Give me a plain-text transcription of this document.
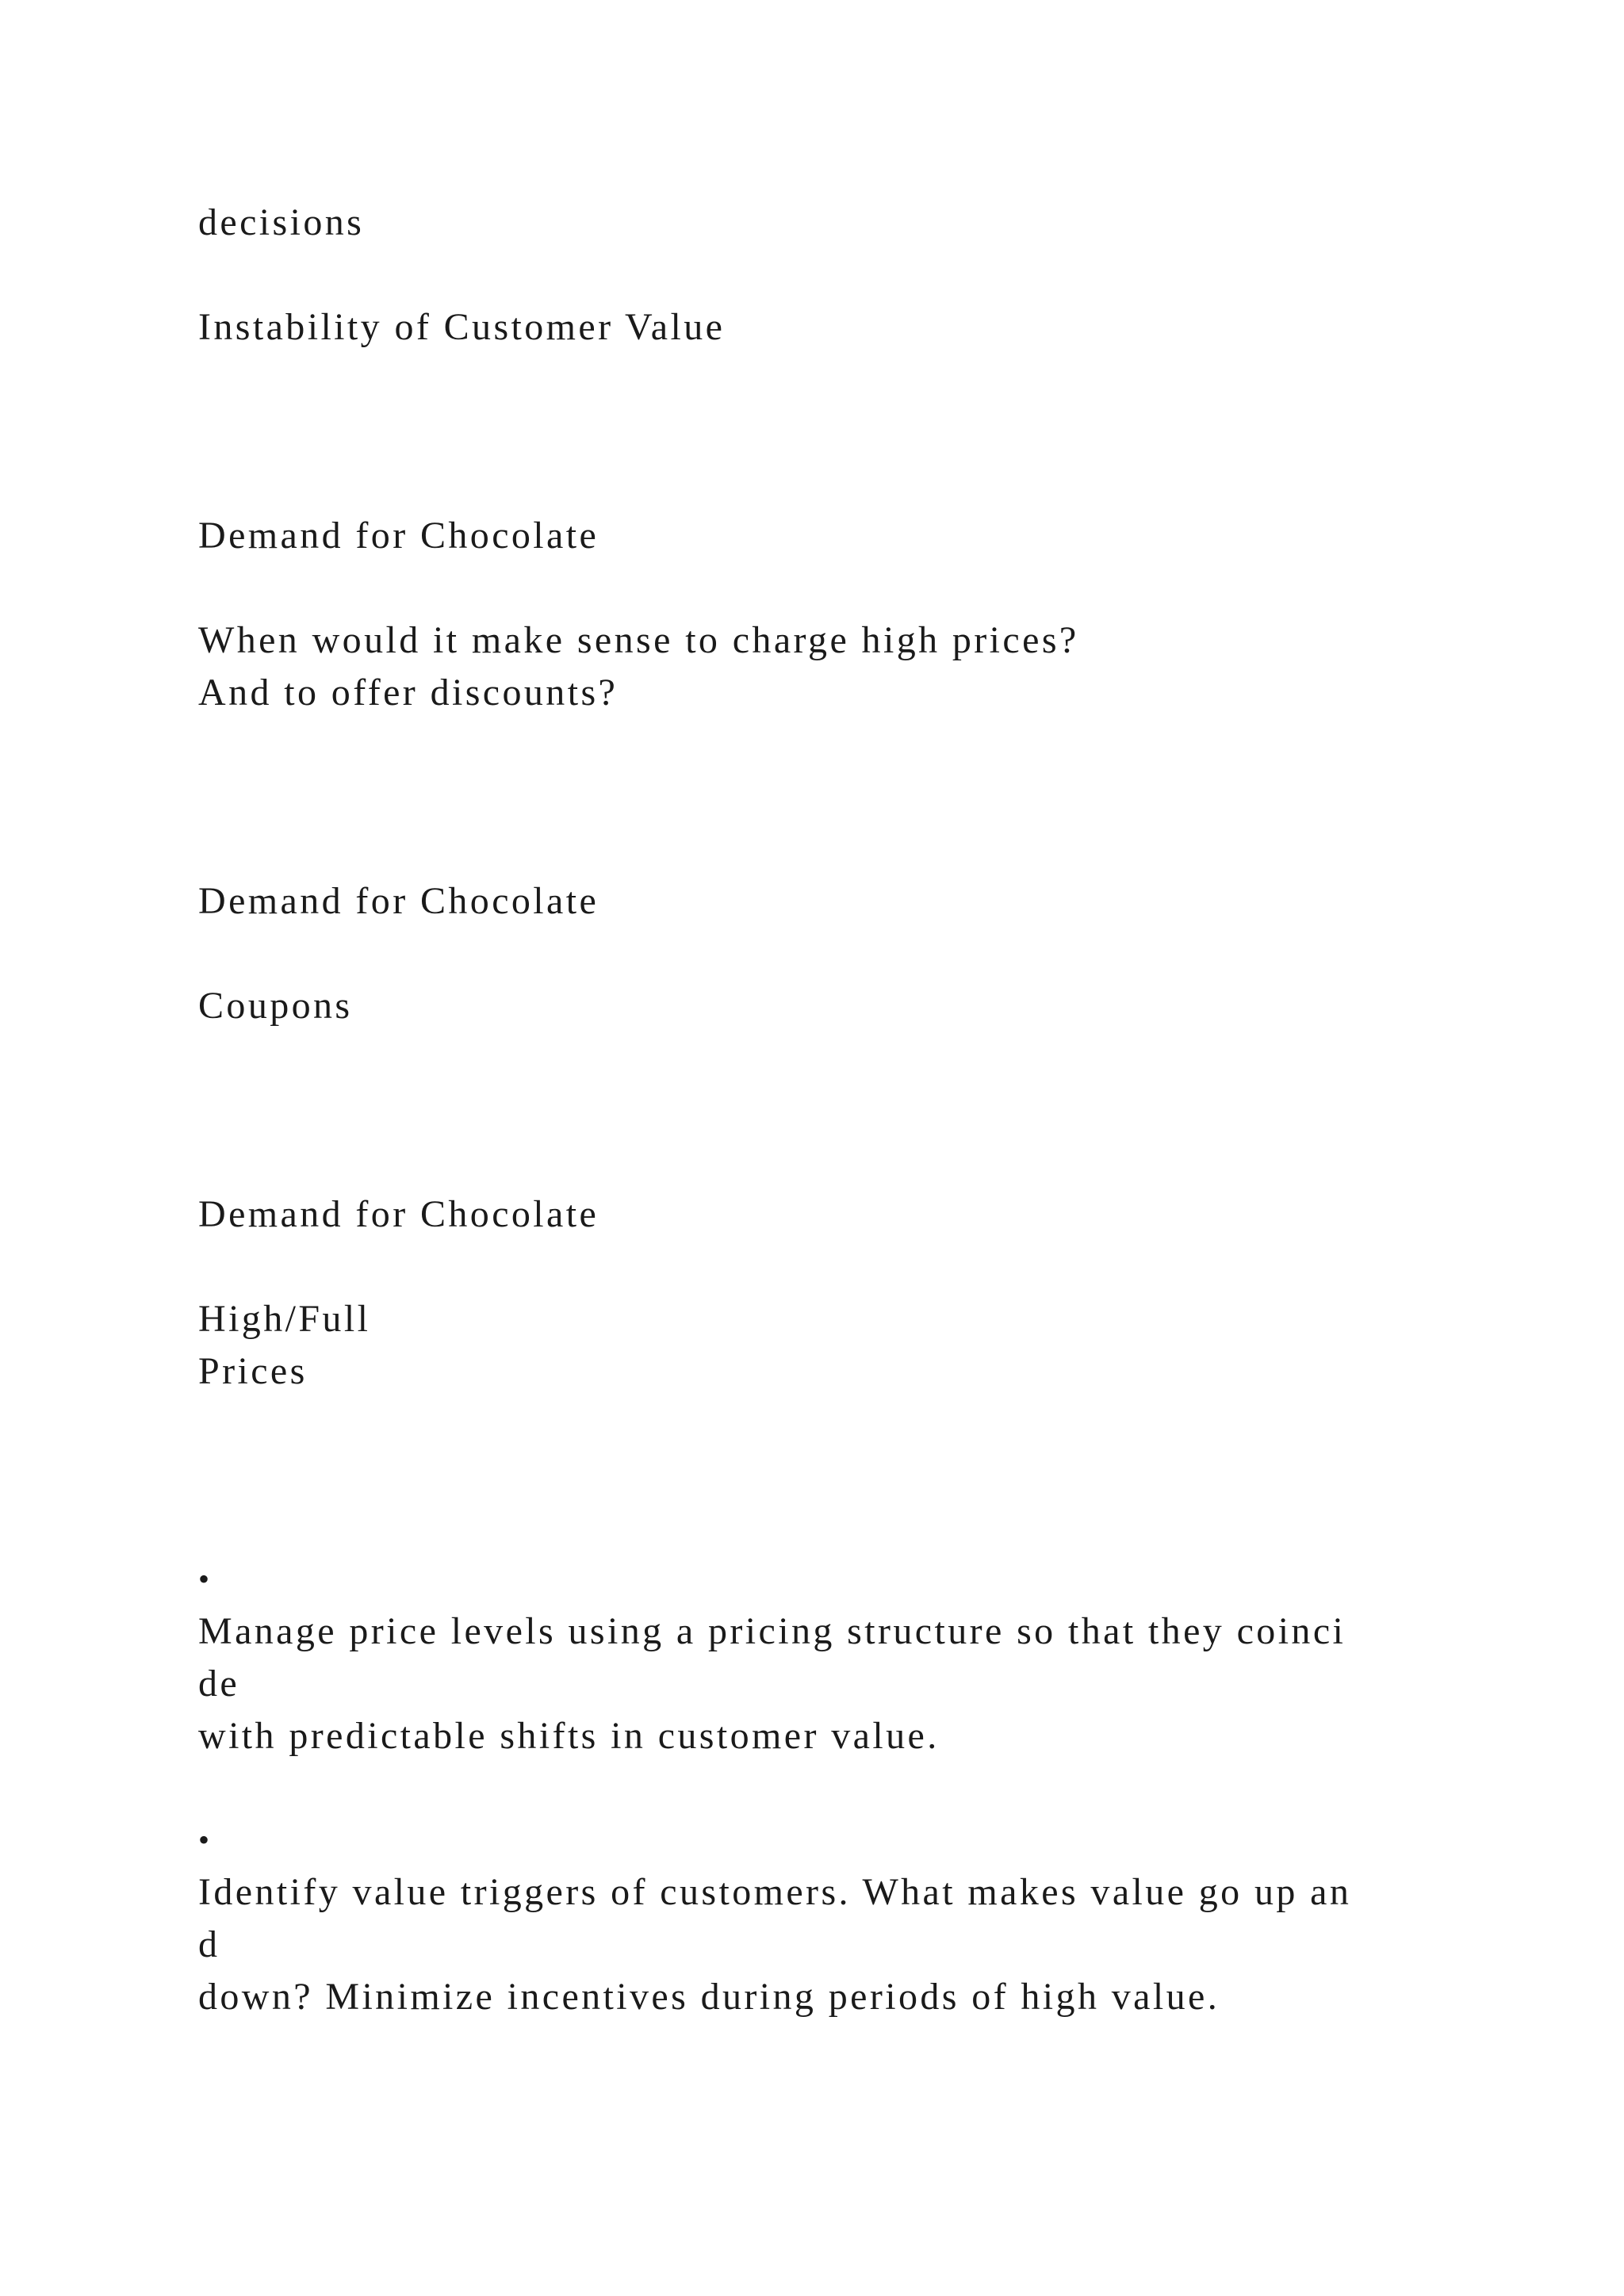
decisions

Instability of Customer Value

Demand for Chocolate

When would it make sense to charge high prices?

And to offer discounts?

Demand for Chocolate

Coupons

Demand for Chocolate

High/Full

Prices

•

Manage price levels using a pricing structure so that they coinci

de

with predictable shifts in customer value.

•

Identify value triggers of customers. What makes value go up an

d

down? Minimize incentives during periods of high value.
